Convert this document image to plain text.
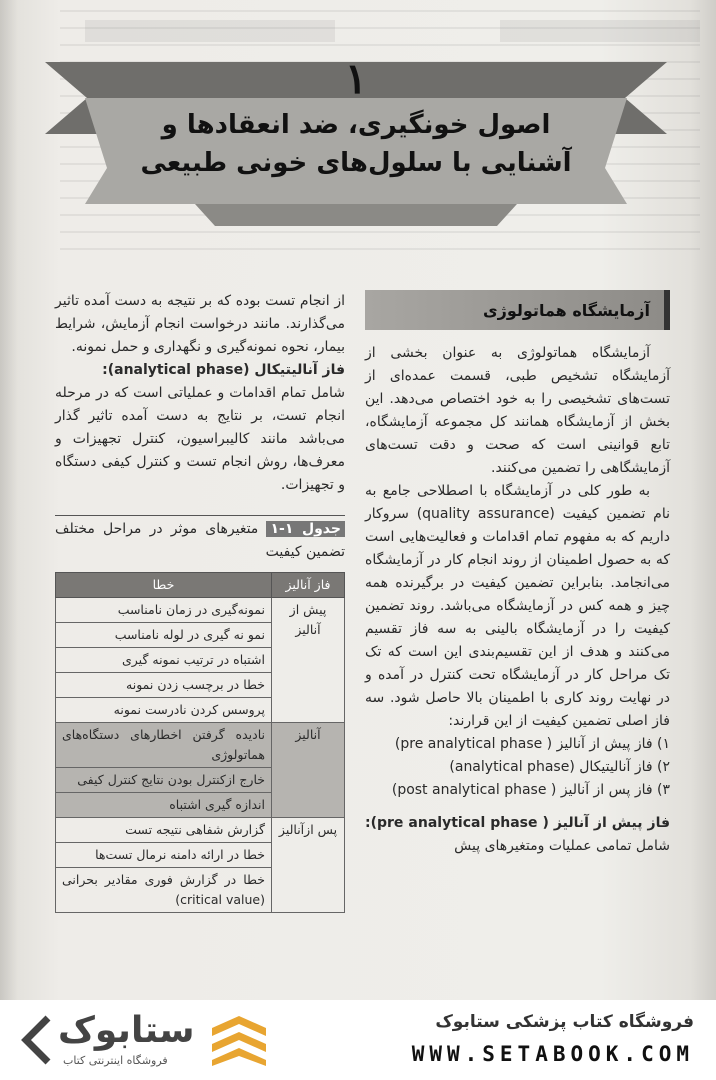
۱
اصول خونگیری، ضد انعقادها و
آشنایی با سلول‌های خونی طبیعی
آزمایشگاه هماتولوژی

آزمایشگاه هماتولوژی به عنوان بخشی از آزمایشگاه تشخیص طبی، قسمت عمده‌ای از تست‌های تشخیصی را به خود اختصاص می‌دهد. این بخش از آزمایشگاه همانند کل مجموعه آزمایشگاه، تابع قوانینی است که صحت و دقت تست‌های آزمایشگاهی را تضمین می‌کنند.

به طور کلی در آزمایشگاه با اصطلاحی جامع به نام تضمین کیفیت (quality assurance) سروکار داریم که به مفهوم تمام اقدامات و فعالیت‌هایی است که به حصول اطمینان از روند انجام کار در آزمایشگاه می‌انجامد. بنابراین تضمین کیفیت در برگیرنده همه چیز و همه کس در آزمایشگاه می‌باشد. روند تضمین کیفیت را در آزمایشگاه بالینی به سه فاز تقسیم می‌کنند و هدف از این تقسیم‌بندی این است که تک تک مراحل کار در آزمایشگاه تحت کنترل در آمده و در نهایت روند کاری با اطمینان بالا حاصل شود. سه فاز اصلی تضمین کیفیت از این قرارند:

۱) فاز پیش از آنالیز ( pre analytical phase)
۲) فاز آنالیتیکال (analytical phase)
۳) فاز پس از آنالیز ( post analytical phase)

فاز پیش از آنالیز ( pre analytical phase): شامل تمامی عملیات ومتغیرهای پیش

از انجام تست بوده که بر نتیجه به دست آمده تاثیر می‌گذارند. مانند درخواست انجام آزمایش، شرایط بیمار، نحوه نمونه‌گیری و نگهداری و حمل نمونه.

فاز آنالیتیکال (analytical phase):

شامل تمام اقدامات و عملیاتی است که در مرحله انجام تست، بر نتایج به دست آمده تاثیر گذار می‌باشد مانند کالیبراسیون، کنترل تجهیزات و معرف‌ها، روش انجام تست و کنترل کیفی دستگاه و تجهیزات.

جدول ۱-۱ متغیرهای موثر در مراحل مختلف تضمین کیفیت
فاز آنالیز	خطا
پیش از آنالیز	نمونه‌گیری در زمان نامناسب
	نمو نه گیری در لوله نامناسب
	اشتباه در ترتیب نمونه گیری
	خطا در برچسب زدن نمونه
	پروسس کردن نادرست نمونه
آنالیز	نادیده گرفتن اخطارهای دستگاه‌های هماتولوژی
	خارج ازکنترل بودن نتایج کنترل کیفی
	اندازه گیری اشتباه
پس ازآنالیز	گزارش شفاهی نتیجه تست
	خطا در ارائه دامنه نرمال تست‌ها
	خطا در گزارش فوری مقادیر بحرانی (critical value)
ستابوک
فروشگاه اینترنتی کتاب
فروشگاه کتاب پزشکی ستابوک
WWW.SETABOOK.COM
